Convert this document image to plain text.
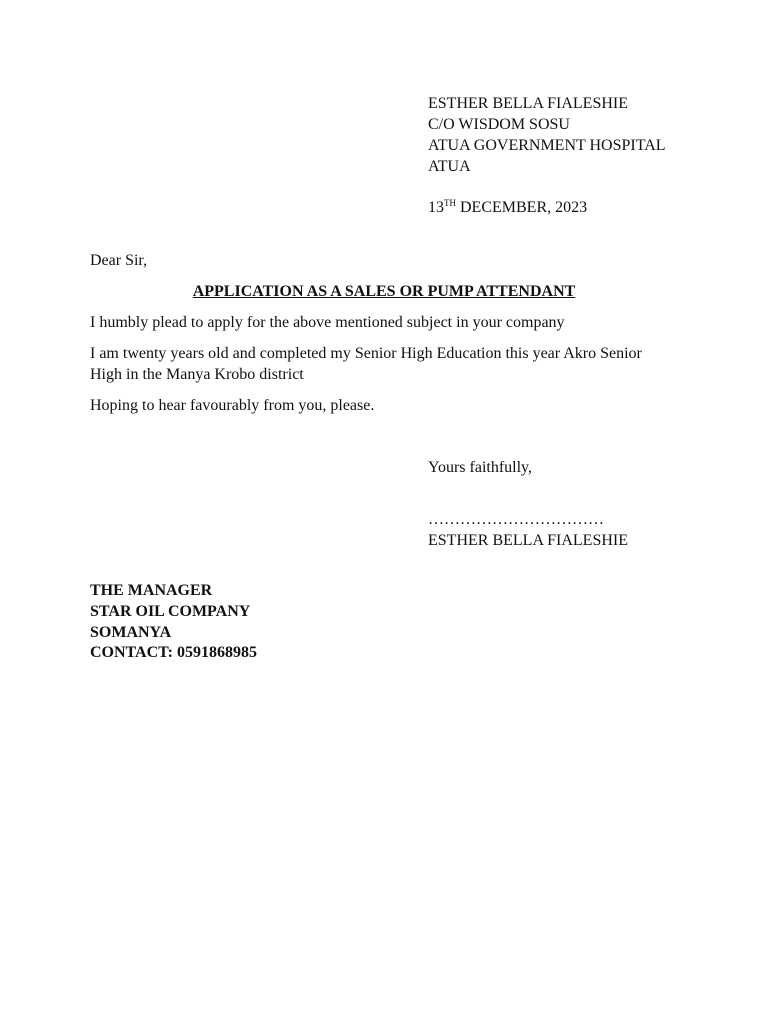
ESTHER BELLA FIALESHIE
C/O WISDOM SOSU
ATUA GOVERNMENT HOSPITAL
ATUA
13TH DECEMBER, 2023
Dear Sir,
APPLICATION AS A SALES OR PUMP ATTENDANT
I humbly plead to apply for the above mentioned subject in your company
I am twenty years old and completed my Senior High Education this year Akro Senior
High in the Manya Krobo district
Hoping to hear favourably from you, please.
Yours faithfully,
……………………………
ESTHER BELLA FIALESHIE
THE MANAGER
STAR OIL COMPANY
SOMANYA
CONTACT: 0591868985
